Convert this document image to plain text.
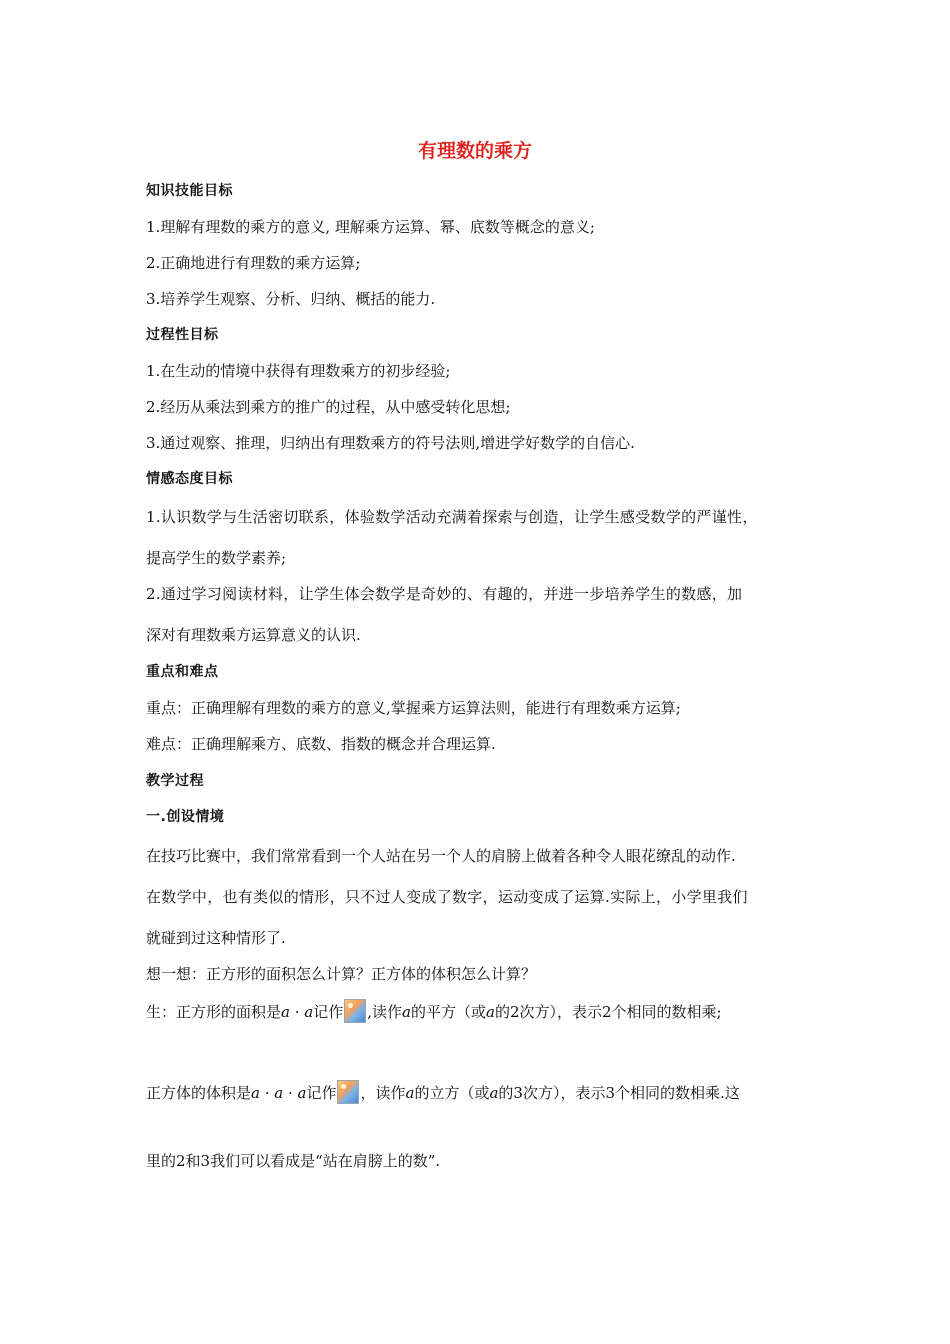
有理数的乘方
知识技能目标
1.理解有理数的乘方的意义, 理解乘方运算、幂、底数等概念的意义;
2.正确地进行有理数的乘方运算;
3.培养学生观察、分析、归纳、概括的能力.
过程性目标
1.在生动的情境中获得有理数乘方的初步经验;
2.经历从乘法到乘方的推广的过程，从中感受转化思想;
3.通过观察、推理，归纳出有理数乘方的符号法则,增进学好数学的自信心.
情感态度目标
1.认识数学与生活密切联系，体验数学活动充满着探索与创造，让学生感受数学的严谨性，
提高学生的数学素养;
2.通过学习阅读材料，让学生体会数学是奇妙的、有趣的，并进一步培养学生的数感，加
深对有理数乘方运算意义的认识.
重点和难点
重点：正确理解有理数的乘方的意义,掌握乘方运算法则，能进行有理数乘方运算;
难点：正确理解乘方、底数、指数的概念并合理运算.
教学过程
一.创设情境
在技巧比赛中，我们常常看到一个人站在另一个人的肩膀上做着各种令人眼花缭乱的动作.
在数学中，也有类似的情形，只不过人变成了数字，运动变成了运算.实际上，小学里我们
就碰到过这种情形了.
想一想：正方形的面积怎么计算？正方体的体积怎么计算？
生：正方形的面积是a · a记作 ,读作a的平方（或a的2次方），表示2个相同的数相乘;
正方体的体积是a · a · a记作 ，读作a的立方（或a的3次方），表示3个相同的数相乘.这
里的2和3我们可以看成是“站在肩膀上的数”.
